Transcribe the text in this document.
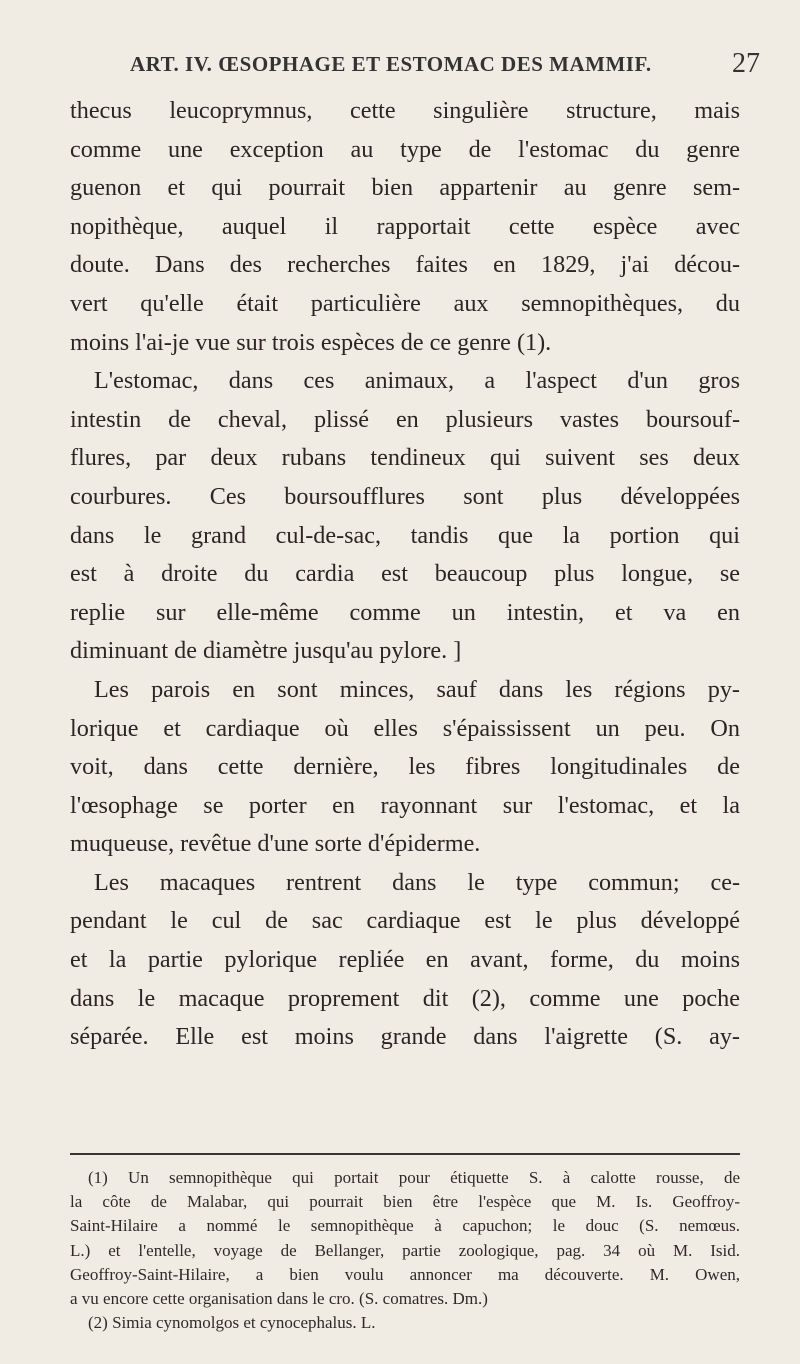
ART. IV. ŒSOPHAGE ET ESTOMAC DES MAMMIF.	27
thecus leucoprymnus, cette singulière structure, mais
comme une exception au type de l'estomac du genre
guenon et qui pourrait bien appartenir au genre sem-
nopithèque, auquel il rapportait cette espèce avec
doute. Dans des recherches faites en 1829, j'ai décou-
vert qu'elle était particulière aux semnopithèques, du
moins l'ai-je vue sur trois espèces de ce genre (1).
L'estomac, dans ces animaux, a l'aspect d'un gros
intestin de cheval, plissé en plusieurs vastes boursouf-
flures, par deux rubans tendineux qui suivent ses deux
courbures. Ces boursoufflures sont plus développées
dans le grand cul-de-sac, tandis que la portion qui
est à droite du cardia est beaucoup plus longue, se
replie sur elle-même comme un intestin, et va en
diminuant de diamètre jusqu'au pylore. ]
Les parois en sont minces, sauf dans les régions py-
lorique et cardiaque où elles s'épaississent un peu. On
voit, dans cette dernière, les fibres longitudinales de
l'œsophage se porter en rayonnant sur l'estomac, et la
muqueuse, revêtue d'une sorte d'épiderme.
Les macaques rentrent dans le type commun; ce-
pendant le cul de sac cardiaque est le plus développé
et la partie pylorique repliée en avant, forme, du moins
dans le macaque proprement dit (2), comme une poche
séparée. Elle est moins grande dans l'aigrette (S. ay-
(1) Un semnopithèque qui portait pour étiquette S. à calotte rousse, de
la côte de Malabar, qui pourrait bien être l'espèce que M. Is. Geoffroy-
Saint-Hilaire a nommé le semnopithèque à capuchon; le douc (S. nemœus.
L.) et l'entelle, voyage de Bellanger, partie zoologique, pag. 34 où M. Isid.
Geoffroy-Saint-Hilaire, a bien voulu annoncer ma découverte. M. Owen,
a vu encore cette organisation dans le cro. (S. comatres. Dm.)
(2) Simia cynomolgos et cynocephalus. L.
